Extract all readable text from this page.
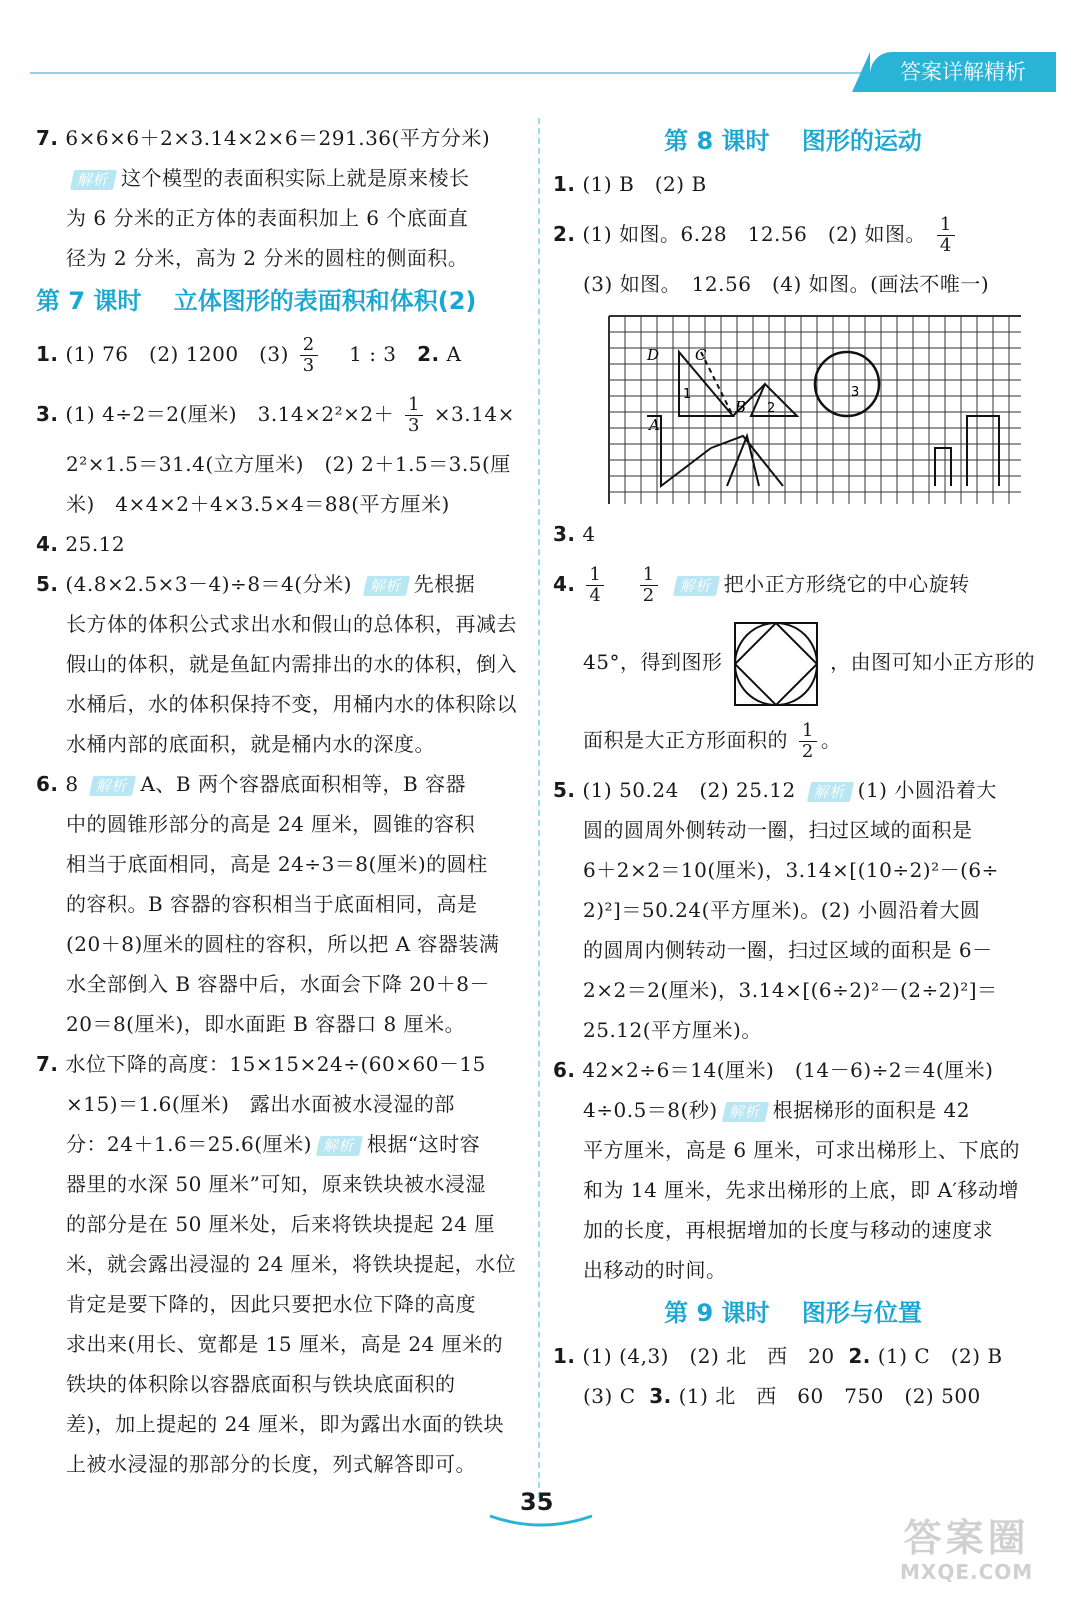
答案详解精析
7. 6×6×6＋2×3.14×2×6＝291.36(平方分米)
解析 这个模型的表面积实际上就是原来棱长
为 6 分米的正方体的表面积加上 6 个底面直
径为 2 分米，高为 2 分米的圆柱的侧面积。
第 7 课时　 立体图形的表面积和体积(2)
1. (1) 76　(2) 1200　$(3) \frac{2}{3}$ 　1 : 3 2. A
3. (1) 4÷2＝2(厘米)　$3.14\times 2^2\times 2+ \frac{1}{3} \times 3.14\times$
2²×1.5＝31.4(立方厘米)　(2) 2＋1.5＝3.5(厘
米)　4×4×2＋4×3.5×4＝88(平方厘米)
4. 25.12
5. (4.8×2.5×3－4)÷8＝4(分米) 解析 先根据
长方体的体积公式求出水和假山的总体积，再减去
假山的体积，就是鱼缸内需排出的水的体积，倒入
水桶后，水的体积保持不变，用桶内水的体积除以
水桶内部的底面积，就是桶内水的深度。
6. 8 解析 A、B 两个容器底面积相等，B 容器
中的圆锥形部分的高是 24 厘米，圆锥的容积
相当于底面相同，高是 24÷3＝8(厘米)的圆柱
的容积。B 容器的容积相当于底面相同，高是
(20＋8)厘米的圆柱的容积，所以把 A 容器装满
水全部倒入 B 容器中后，水面会下降 20＋8－
20＝8(厘米)，即水面距 B 容器口 8 厘米。
7. 水位下降的高度：15×15×24÷(60×60－15
×15)＝1.6(厘米)　露出水面被水浸湿的部
分：24＋1.6＝25.6(厘米) 解析 根据“这时容
器里的水深 50 厘米”可知，原来铁块被水浸湿
的部分是在 50 厘米处，后来将铁块提起 24 厘
米，就会露出浸湿的 24 厘米，将铁块提起，水位
肯定是要下降的，因此只要把水位下降的高度
求出来(用长、宽都是 15 厘米，高是 24 厘米的
铁块的体积除以容器底面积与铁块底面积的
差)，加上提起的 24 厘米，即为露出水面的铁块
上被水浸湿的那部分的长度，列式解答即可。
第 8 课时　 图形的运动
1. (1) B　(2) B
2. (1) 如图。6.28　12.56　(2) 如图。 $\frac{1}{4}$
(3) 如图。　12.56　(4) 如图。(画法不唯一)
D C
A
B
1
2
3
3. 4
4. $\frac{1}{4}$
$\frac{1}{2}$ 解析 把小正方形绕它的中心旋转
45°，得到图形	，由图可知小正方形的
面积是大正方形面积的 $\frac{1}{2}$ 。
5. (1) 50.24　(2) 25.12 解析 (1) 小圆沿着大
圆的圆周外侧转动一圈，扫过区域的面积是
6＋2×2＝10(厘米)，3.14×[(10÷2)²－(6÷
2)²]＝50.24(平方厘米)。(2) 小圆沿着大圆
的圆周内侧转动一圈，扫过区域的面积是 6－
2×2＝2(厘米)，3.14×[(6÷2)²－(2÷2)²]＝
25.12(平方厘米)。
6. 42×2÷6＝14(厘米)　(14－6)÷2＝4(厘米)
4÷0.5＝8(秒) 解析 根据梯形的面积是 42
平方厘米，高是 6 厘米，可求出梯形上、下底的
和为 14 厘米，先求出梯形的上底，即 A′移动增
加的长度，再根据增加的长度与移动的速度求
出移动的时间。
第 9 课时　 图形与位置
1. (1) (4,3)　(2) 北　西　20 2. (1) C　(2) B
(3) C 3. (1) 北　西　60　750　(2) 500
35
答案圈
MXQE.COM
